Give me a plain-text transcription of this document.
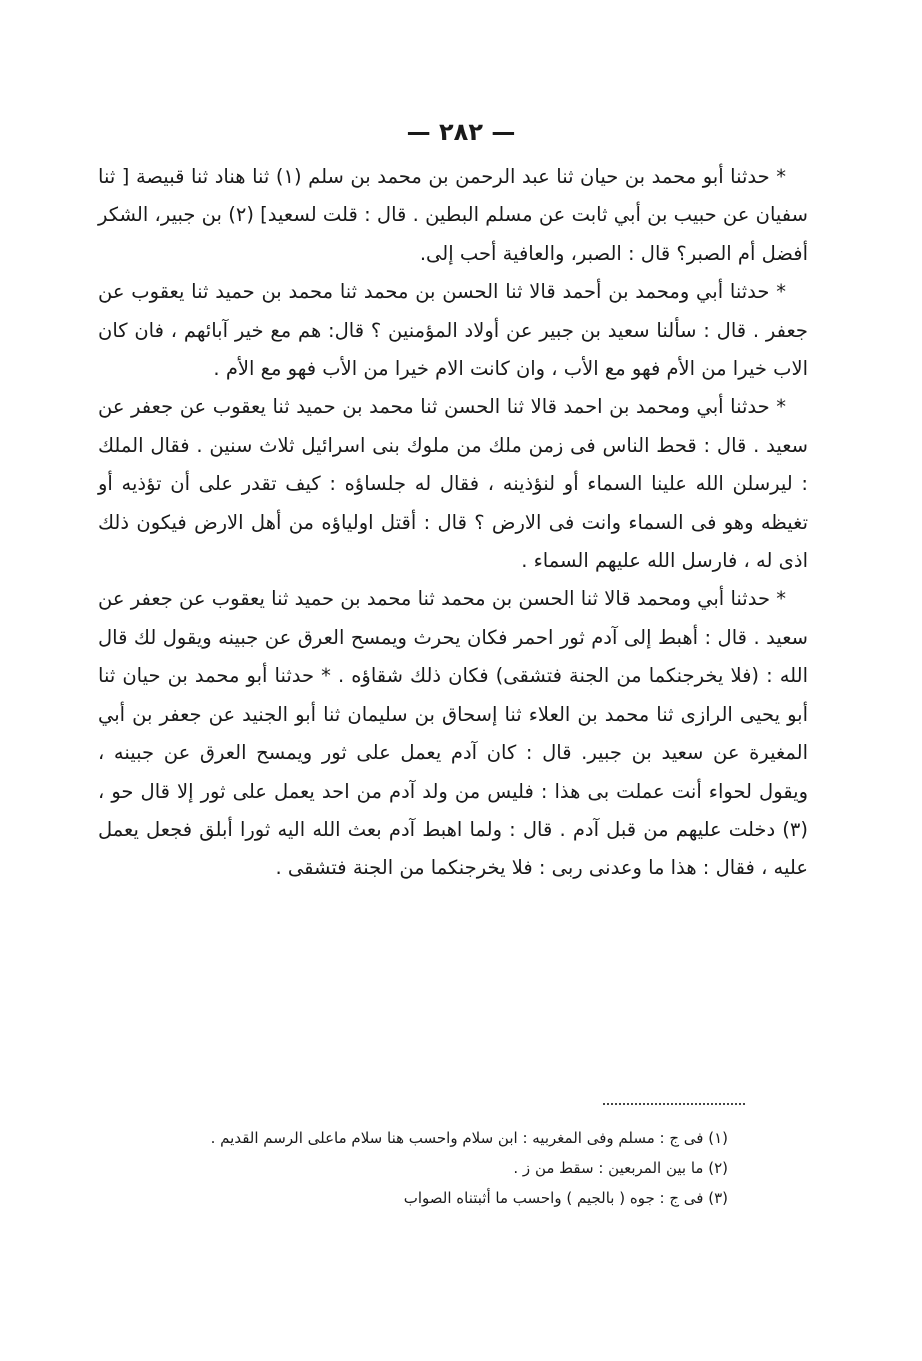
— ٢٨٢ —

* حدثنا أبو محمد بن حيان ثنا عبد الرحمن بن محمد بن سلم (١) ثنا هناد ثنا قبيصة [ ثنا سفيان عن حبيب بن أبي ثابت عن مسلم البطين . قال : قلت لسعيد] (٢) بن جبير، الشكر أفضل أم الصبر؟ قال : الصبر، والعافية أحب إلى.

* حدثنا أبي ومحمد بن أحمد قالا ثنا الحسن بن محمد ثنا محمد بن حميد ثنا يعقوب عن جعفر . قال : سألنا سعيد بن جبير عن أولاد المؤمنين ؟ قال: هم مع خير آبائهم ، فان كان الاب خيرا من الأم فهو مع الأب ، وان كانت الام خيرا من الأب فهو مع الأم .

* حدثنا أبي ومحمد بن احمد قالا ثنا الحسن ثنا محمد بن حميد ثنا يعقوب عن جعفر عن سعيد . قال : قحط الناس فى زمن ملك من ملوك بنى اسرائيل ثلاث سنين . فقال الملك : ليرسلن الله علينا السماء أو لنؤذينه ، فقال له جلساؤه : كيف تقدر على أن تؤذيه أو تغيظه وهو فى السماء وانت فى الارض ؟ قال : أقتل اولياؤه من أهل الارض فيكون ذلك اذى له ، فارسل الله عليهم السماء .

* حدثنا أبي ومحمد قالا ثنا الحسن بن محمد ثنا محمد بن حميد ثنا يعقوب عن جعفر عن سعيد . قال : أهبط إلى آدم ثور احمر فكان يحرث ويمسح العرق عن جبينه ويقول لك قال الله : (فلا يخرجنكما من الجنة فتشقى) فكان ذلك شقاؤه . * حدثنا أبو محمد بن حيان ثنا أبو يحيى الرازى ثنا محمد بن العلاء ثنا إسحاق بن سليمان ثنا أبو الجنيد عن جعفر بن أبي المغيرة عن سعيد بن جبير. قال : كان آدم يعمل على ثور ويمسح العرق عن جبينه ، ويقول لحواء أنت عملت بى هذا : فليس من ولد آدم من احد يعمل على ثور إلا قال حو ، (٣) دخلت عليهم من قبل آدم . قال : ولما اهبط آدم بعث الله اليه ثورا أبلق فجعل يعمل عليه ، فقال : هذا ما وعدنى ربى : فلا يخرجنكما من الجنة فتشقى .

(١) فى ج : مسلم وفى المغربيه : ابن سلام واحسب هنا سلام ماعلى الرسم القديم .

(٢) ما بين المربعين : سقط من ز .

(٣) فى ج : جوه ( بالجيم ) واحسب ما أثبتناه الصواب
